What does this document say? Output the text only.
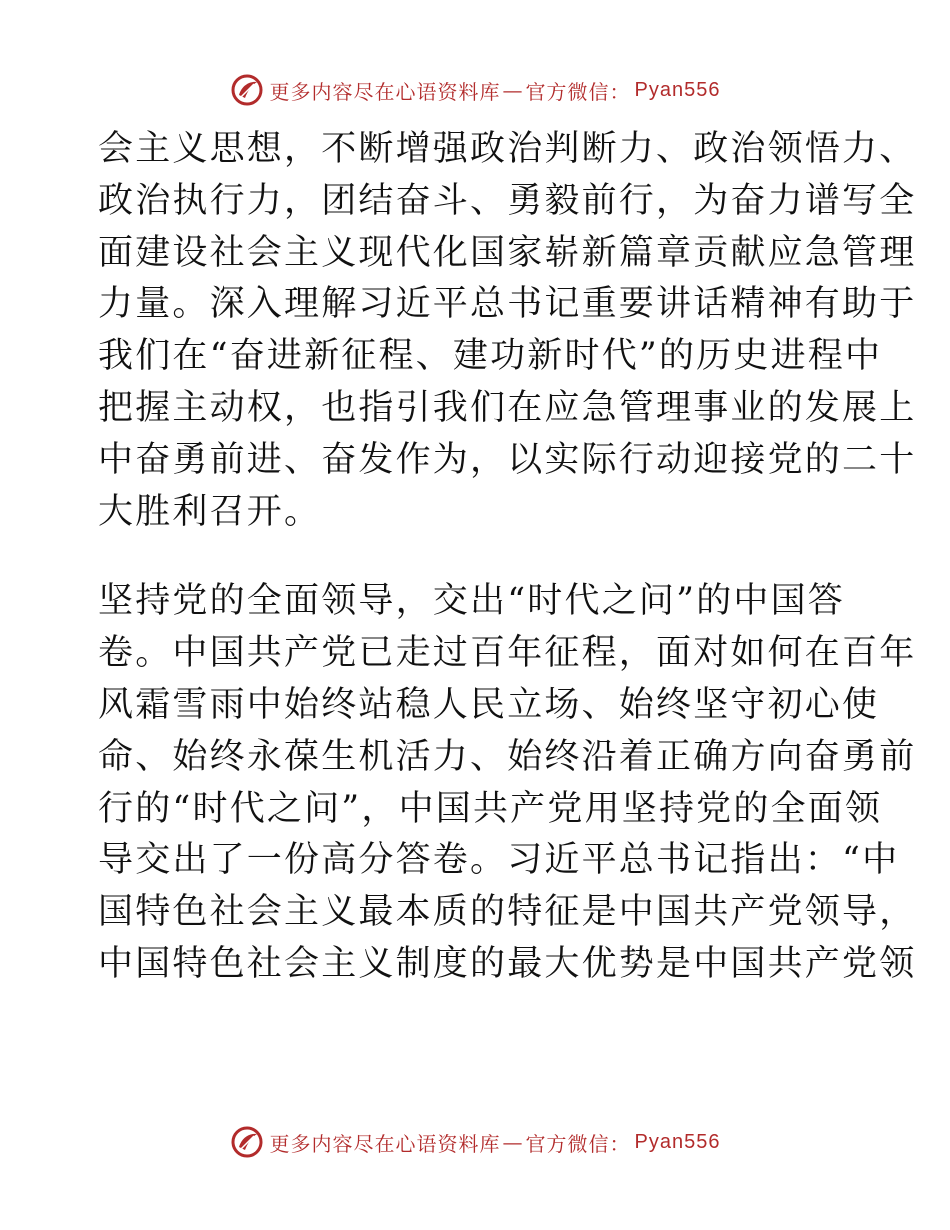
更多内容尽在心语资料库 — 官方微信： Pyan556

会主义思想，不断增强政治判断力、政治领悟力、
政治执行力，团结奋斗、勇毅前行，为奋力谱写全
面建设社会主义现代化国家崭新篇章贡献应急管理
力量。深入理解习近平总书记重要讲话精神有助于
我们在“奋进新征程、建功新时代”的历史进程中
把握主动权，也指引我们在应急管理事业的发展上
中奋勇前进、奋发作为，以实际行动迎接党的二十
大胜利召开。

坚持党的全面领导，交出“时代之问”的中国答
卷。中国共产党已走过百年征程，面对如何在百年
风霜雪雨中始终站稳人民立场、始终坚守初心使
命、始终永葆生机活力、始终沿着正确方向奋勇前
行的“时代之问”，中国共产党用坚持党的全面领
导交出了一份高分答卷。习近平总书记指出：“中
国特色社会主义最本质的特征是中国共产党领导，
中国特色社会主义制度的最大优势是中国共产党领

更多内容尽在心语资料库 — 官方微信： Pyan556
